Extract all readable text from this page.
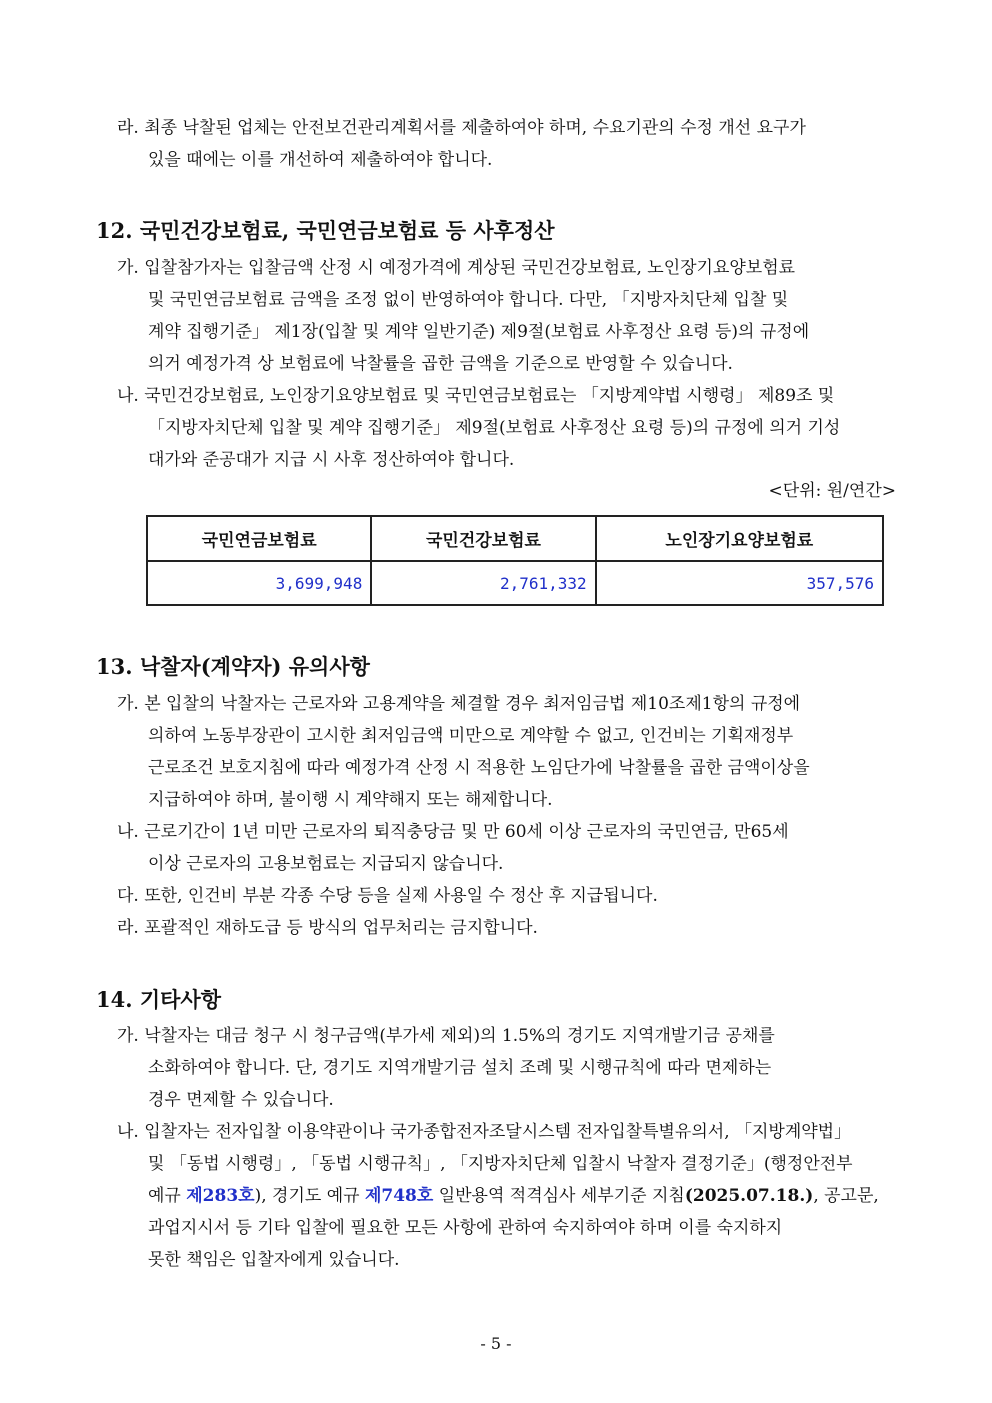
라. 최종 낙찰된 업체는 안전보건관리계획서를 제출하여야 하며, 수요기관의 수정 개선 요구가
있을 때에는 이를 개선하여 제출하여야 합니다.
12. 국민건강보험료, 국민연금보험료 등 사후정산
가. 입찰참가자는 입찰금액 산정 시 예정가격에 계상된 국민건강보험료, 노인장기요양보험료
및 국민연금보험료 금액을 조정 없이 반영하여야 합니다. 다만, 「지방자치단체 입찰 및
계약 집행기준」 제1장(입찰 및 계약 일반기준) 제9절(보험료 사후정산 요령 등)의 규정에
의거 예정가격 상 보험료에 낙찰률을 곱한 금액을 기준으로 반영할 수 있습니다.
나. 국민건강보험료, 노인장기요양보험료 및 국민연금보험료는 「지방계약법 시행령」 제89조 및
「지방자치단체 입찰 및 계약 집행기준」 제9절(보험료 사후정산 요령 등)의 규정에 의거 기성
대가와 준공대가 지급 시 사후 정산하여야 합니다.
<단위: 원/연간>
국민연금보험료	국민건강보험료	노인장기요양보험료
3,699,948	2,761,332	357,576
13. 낙찰자(계약자) 유의사항
가. 본 입찰의 낙찰자는 근로자와 고용계약을 체결할 경우 최저임금법 제10조제1항의 규정에
의하여 노동부장관이 고시한 최저임금액 미만으로 계약할 수 없고, 인건비는 기획재정부
근로조건 보호지침에 따라 예정가격 산정 시 적용한 노임단가에 낙찰률을 곱한 금액이상을
지급하여야 하며, 불이행 시 계약해지 또는 해제합니다.
나. 근로기간이 1년 미만 근로자의 퇴직충당금 및 만 60세 이상 근로자의 국민연금, 만65세
이상 근로자의 고용보험료는 지급되지 않습니다.
다. 또한, 인건비 부분 각종 수당 등을 실제 사용일 수 정산 후 지급됩니다.
라. 포괄적인 재하도급 등 방식의 업무처리는 금지합니다.
14. 기타사항
가. 낙찰자는 대금 청구 시 청구금액(부가세 제외)의 1.5%의 경기도 지역개발기금 공채를
소화하여야 합니다. 단, 경기도 지역개발기금 설치 조례 및 시행규칙에 따라 면제하는
경우 면제할 수 있습니다.
나. 입찰자는 전자입찰 이용약관이나 국가종합전자조달시스템 전자입찰특별유의서, 「지방계약법」
및 「동법 시행령」, 「동법 시행규칙」, 「지방자치단체 입찰시 낙찰자 결정기준」(행정안전부
예규 제283호), 경기도 예규 제748호 일반용역 적격심사 세부기준 지침(2025.07.18.), 공고문,
과업지시서 등 기타 입찰에 필요한 모든 사항에 관하여 숙지하여야 하며 이를 숙지하지
못한 책임은 입찰자에게 있습니다.
- 5 -
